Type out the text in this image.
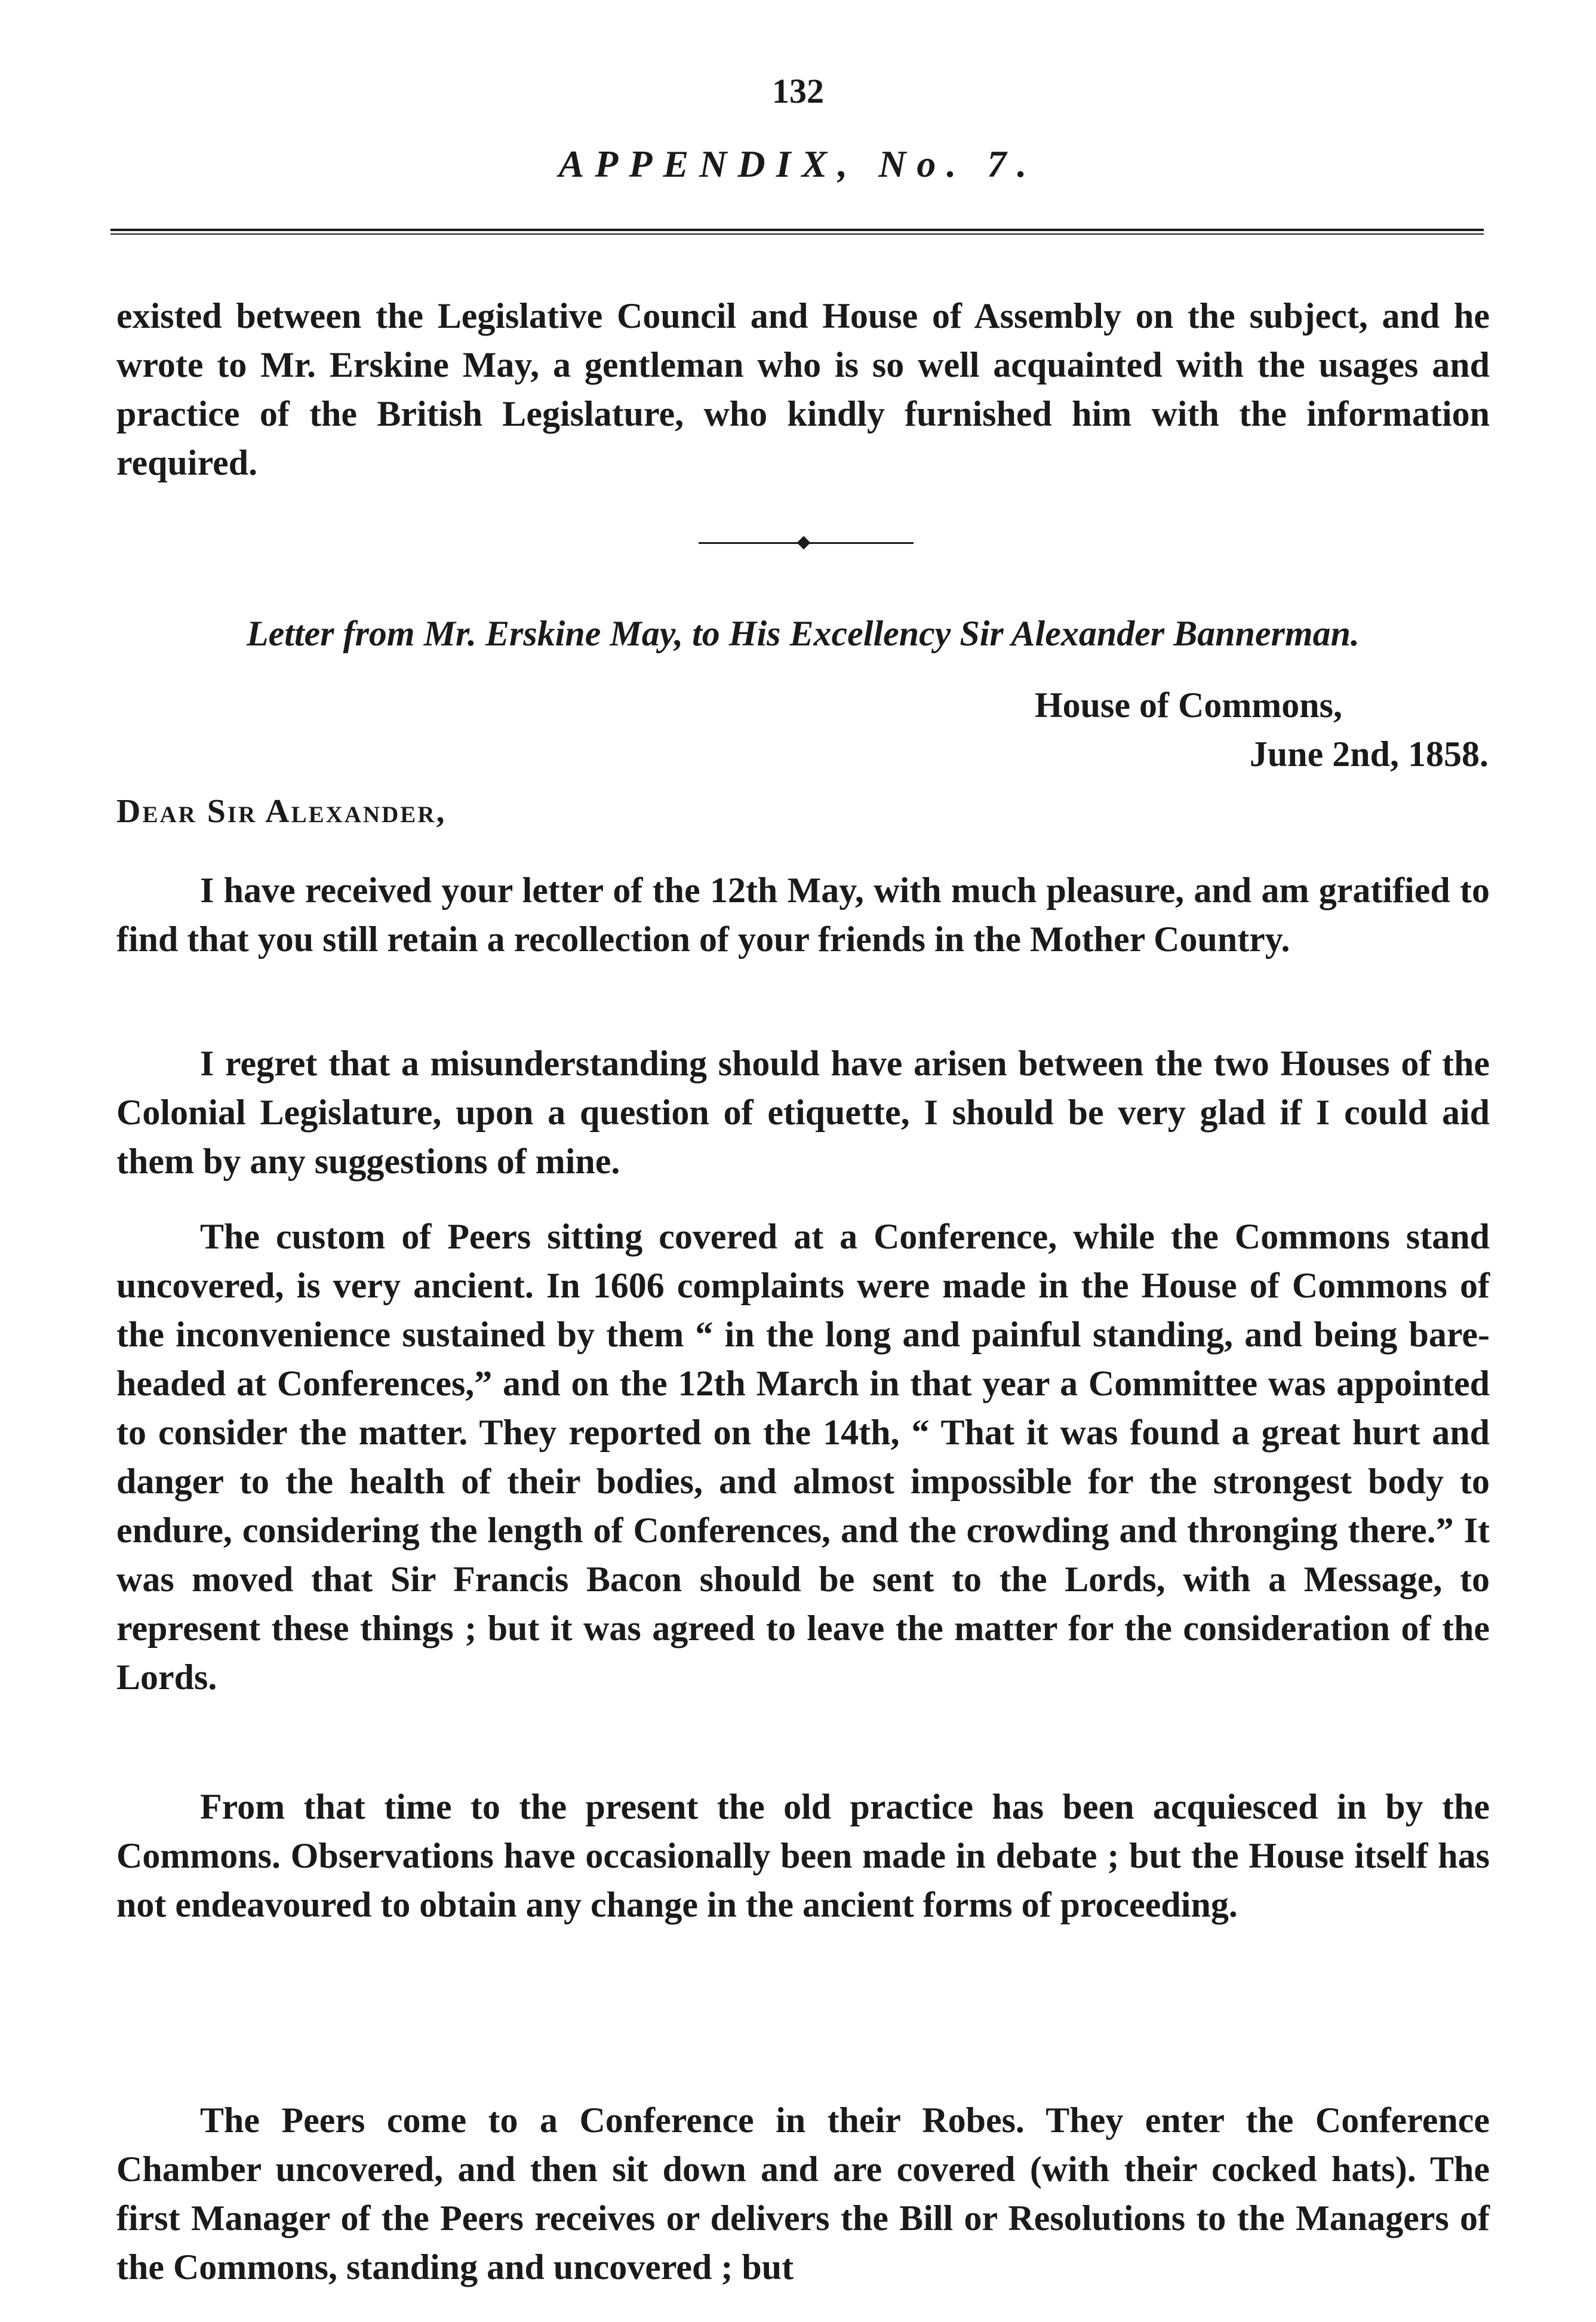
132
APPENDIX, No. 7.
existed between the Legislative Council and House of Assembly on the subject, and he wrote to Mr. Erskine May, a gentleman who is so well acquainted with the usages and practice of the British Legislature, who kindly furnished him with the information required.
Letter from Mr. Erskine May, to His Excellency Sir Alexander Bannerman.
House of Commons,
June 2nd, 1858.
Dear Sir Alexander,
I have received your letter of the 12th May, with much pleasure, and am gratified to find that you still retain a recollection of your friends in the Mother Country.
I regret that a misunderstanding should have arisen between the two Houses of the Colonial Legislature, upon a question of etiquette, I should be very glad if I could aid them by any suggestions of mine.
The custom of Peers sitting covered at a Conference, while the Commons stand uncovered, is very ancient. In 1606 complaints were made in the House of Commons of the inconvenience sustained by them “ in the long and painful standing, and being bare-headed at Conferences,” and on the 12th March in that year a Committee was appointed to consider the matter. They reported on the 14th, “ That it was found a great hurt and danger to the health of their bodies, and almost impossible for the strongest body to endure, considering the length of Conferences, and the crowding and thronging there.” It was moved that Sir Francis Bacon should be sent to the Lords, with a Message, to represent these things ; but it was agreed to leave the matter for the consideration of the Lords.
From that time to the present the old practice has been acquiesced in by the Commons. Observations have occasionally been made in debate ; but the House itself has not endeavoured to obtain any change in the ancient forms of proceeding.
The Peers come to a Conference in their Robes. They enter the Conference Chamber uncovered, and then sit down and are covered (with their cocked hats). The first Manager of the Peers receives or delivers the Bill or Resolutions to the Managers of the Commons, standing and uncovered ; but
